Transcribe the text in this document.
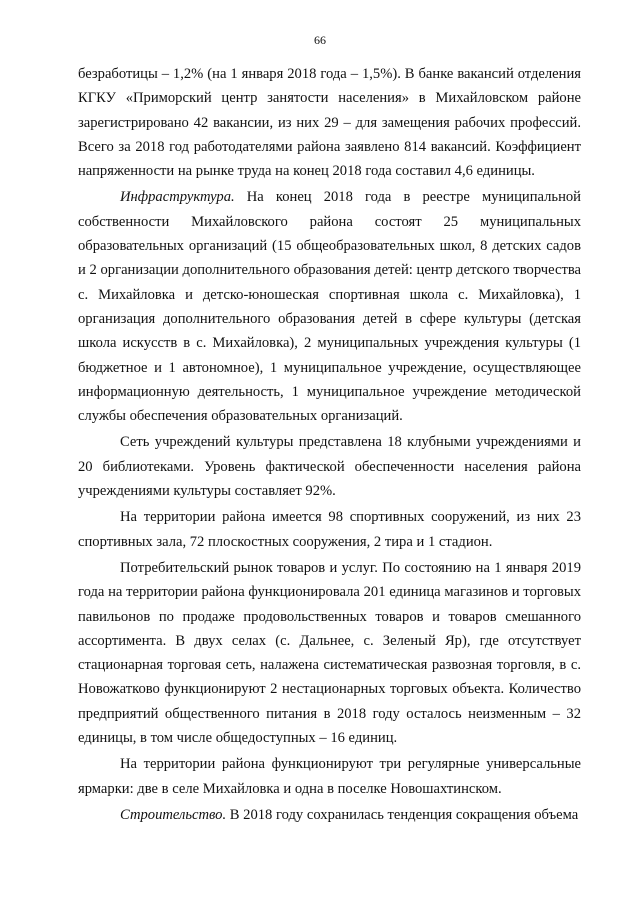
66

безработицы – 1,2% (на 1 января 2018 года – 1,5%). В банке вакансий отделения КГКУ «Приморский центр занятости населения» в Михайловском районе зарегистрировано 42 вакансии, из них 29 – для замещения рабочих профессий. Всего за 2018 год работодателями района заявлено 814 вакансий. Коэффициент напряженности на рынке труда на конец 2018 года составил 4,6 единицы.

Инфраструктура. На конец 2018 года в реестре муниципальной собственности Михайловского района состоят 25 муниципальных образовательных организаций (15 общеобразовательных школ, 8 детских садов и 2 организации дополнительного образования детей: центр детского творчества с. Михайловка и детско-юношеская спортивная школа с. Михайловка), 1 организация дополнительного образования детей в сфере культуры (детская школа искусств в с. Михайловка), 2 муниципальных учреждения культуры (1 бюджетное и 1 автономное), 1 муниципальное учреждение, осуществляющее информационную деятельность, 1 муниципальное учреждение методической службы обеспечения образовательных организаций.

Сеть учреждений культуры представлена 18 клубными учреждениями и 20 библиотеками. Уровень фактической обеспеченности населения района учреждениями культуры составляет 92%.

На территории района имеется 98 спортивных сооружений, из них 23 спортивных зала, 72 плоскостных сооружения, 2 тира и 1 стадион.

Потребительский рынок товаров и услуг. По состоянию на 1 января 2019 года на территории района функционировала 201 единица магазинов и торговых павильонов по продаже продовольственных товаров и товаров смешанного ассортимента. В двух селах (с. Дальнее, с. Зеленый Яр), где отсутствует стационарная торговая сеть, налажена систематическая развозная торговля, в с. Новожатково функционируют 2 нестационарных торговых объекта. Количество предприятий общественного питания в 2018 году осталось неизменным – 32 единицы, в том числе общедоступных – 16 единиц.

На территории района функционируют три регулярные универсальные ярмарки: две в селе Михайловка и одна в поселке Новошахтинском.

Строительство. В 2018 году сохранилась тенденция сокращения объема
